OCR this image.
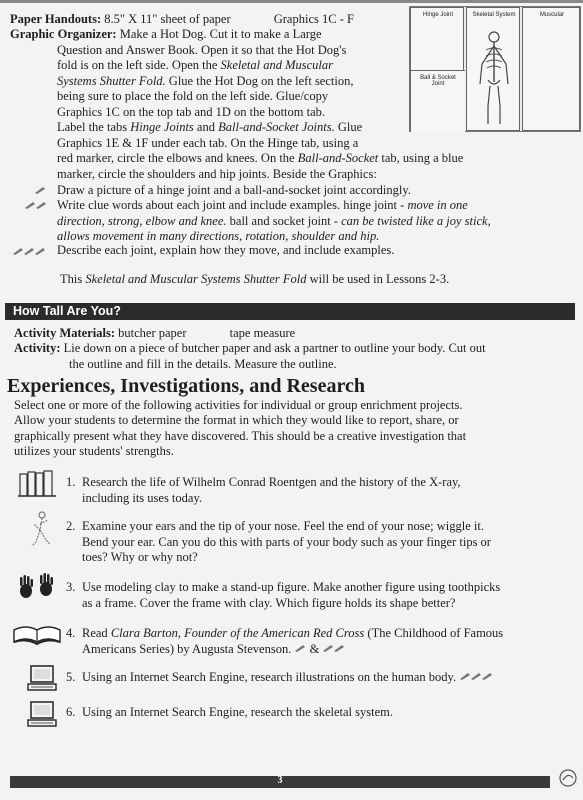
Hinge Joint
Ball & Socket Joint
Skeletal System	Muscular

Paper Handouts: 8.5" X 11" sheet of paper	Graphics 1C - F

Graphic Organizer: Make a Hot Dog. Cut it to make a Large

Question and Answer Book. Open it so that the Hot Dog's

fold is on the left side. Open the Skeletal and Muscular

Systems Shutter Fold. Glue the Hot Dog on the left section,

being sure to place the fold on the left side. Glue/copy

Graphics 1C on the top tab and 1D on the bottom tab.

Label the tabs Hinge Joints and Ball-and-Socket Joints. Glue

Graphics 1E & 1F under each tab. On the Hinge tab, using a

red marker, circle the elbows and knees. On the Ball-and-Socket tab, using a blue

marker, circle the shoulders and hip joints. Beside the Graphics:

Draw a picture of a hinge joint and a ball-and-socket joint accordingly.

Write clue words about each joint and include examples. hinge joint - move in one

direction, strong, elbow and knee. ball and socket joint - can be twisted like a joy stick,

allows movement in many directions, rotation, shoulder and hip.

Describe each joint, explain how they move, and include examples.

This Skeletal and Muscular Systems Shutter Fold will be used in Lessons 2-3.

How Tall Are You?

Activity Materials: butcher paper	tape measure

Activity: Lie down on a piece of butcher paper and ask a partner to outline your body. Cut out

the outline and fill in the details. Measure the outline.

Experiences, Investigations, and Research

Select one or more of the following activities for individual or group enrichment projects.

Allow your students to determine the format in which they would like to report, share, or

graphically present what they have discovered. This should be a creative investigation that

utilizes your students' strengths.

1. Research the life of Wilhelm Conrad Roentgen and the history of the X-ray,

including its uses today.

2. Examine your ears and the tip of your nose. Feel the end of your nose; wiggle it.

Bend your ear. Can you do this with parts of your body such as your finger tips or

toes? Why or why not?

3. Use modeling clay to make a stand-up figure. Make another figure using toothpicks

as a frame. Cover the frame with clay. Which figure holds its shape better?

4. Read Clara Barton, Founder of the American Red Cross (The Childhood of Famous

Americans Series) by Augusta Stevenson.  &

5. Using an Internet Search Engine, research illustrations on the human body.

6. Using an Internet Search Engine, research the skeletal system.

3
